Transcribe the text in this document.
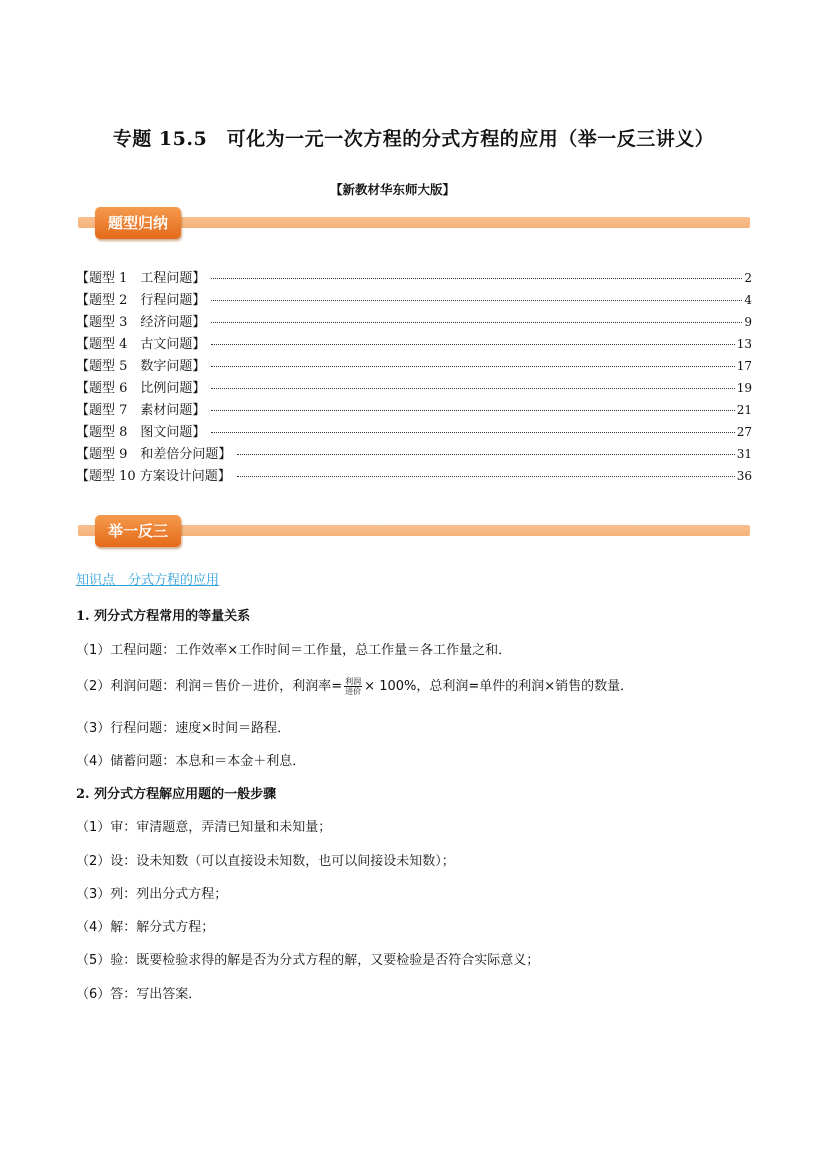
专题 15.5　可化为一元一次方程的分式方程的应用（举一反三讲义）
【新教材华东师大版】
题型归纳
【题型 1　工程问题】	2
【题型 2　行程问题】	4
【题型 3　经济问题】	9
【题型 4　古文问题】	13
【题型 5　数字问题】	17
【题型 6　比例问题】	19
【题型 7　素材问题】	21
【题型 8　图文问题】	27
【题型 9　和差倍分问题】	31
【题型 10 方案设计问题】	36
举一反三
知识点　分式方程的应用
1. 列分式方程常用的等量关系
（1）工程问题：工作效率×工作时间＝工作量，总工作量＝各工作量之和．
（2）利润问题：利润＝售价－进价，利润率= $\frac{\text{利润}}{\text{进价}} \times 100\%$，总利润=单件的利润×销售的数量．
（3）行程问题：速度×时间＝路程．
（4）储蓄问题：本息和＝本金＋利息．
2. 列分式方程解应用题的一般步骤
（1）审：审清题意，弄清已知量和未知量；
（2）设：设未知数（可以直接设未知数，也可以间接设未知数）；
（3）列：列出分式方程；
（4）解：解分式方程；
（5）验：既要检验求得的解是否为分式方程的解，又要检验是否符合实际意义；
（6）答：写出答案．
